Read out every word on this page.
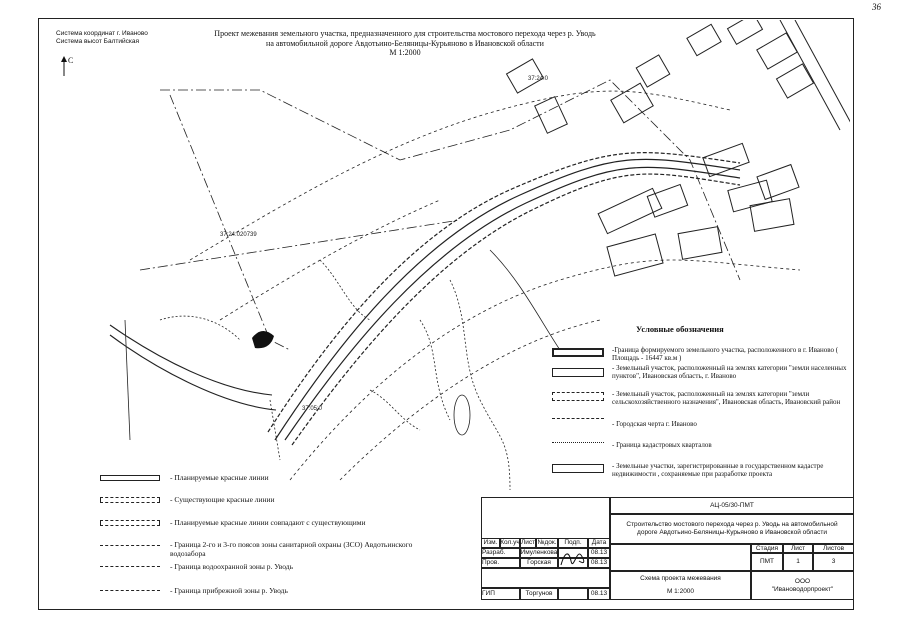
36
Система координат г. Иваново
Система высот Балтийская
Проект межевания земельного участка, предназначенного для строительства мостового перехода через р. Уводь
на автомобильной дороге Авдотьино-Беляницы-Курьяново в Ивановской области
М 1:2000
С
37:24:020739
37:24:0
37:05:0
Условные обозначения
-Граница формируемого земельного участка, расположенного в г. Иваново ( Площадь - 16447 кв.м )
- Земельный участок, расположенный на землях категории "земли населенных пунктов", Ивановская область, г. Иваново
- Земельный участок, расположенный на землях категории "земли сельскохозяйственного назначения", Ивановская область, Ивановский район
- Городская черта г. Иваново
- Граница кадастровых кварталов
- Земельные участки, зарегистрированные в государственном кадастре недвижимости , сохраняемые при разработке проекта
- Планируемые красные линии
- Существующие красные линии
- Планируемые красные линии совпадают с существующими
- Граница 2-го и 3-го поясов зоны санитарной охраны (ЗСО) Авдотьинского водозабора
- Граница водоохранной зоны р. Уводь
- Граница прибрежной зоны р. Уводь
Изм. Кол.уч Лист №док.	Подп.	Дата
Разраб.	Имуленкова	08.13
Пров.	Горская	08.13
ГИП	Торгунов	08.13
АЦ-05/30-ПМТ
Строительство мостового перехода через р. Уводь на автомобильной дороге Авдотьино-Беляницы-Курьяново в Ивановской области
Стадия	Лист	Листов
ПМТ	1	3
Схема проекта межевания
М 1:2000
ООО
"Ивановодорпроект"
